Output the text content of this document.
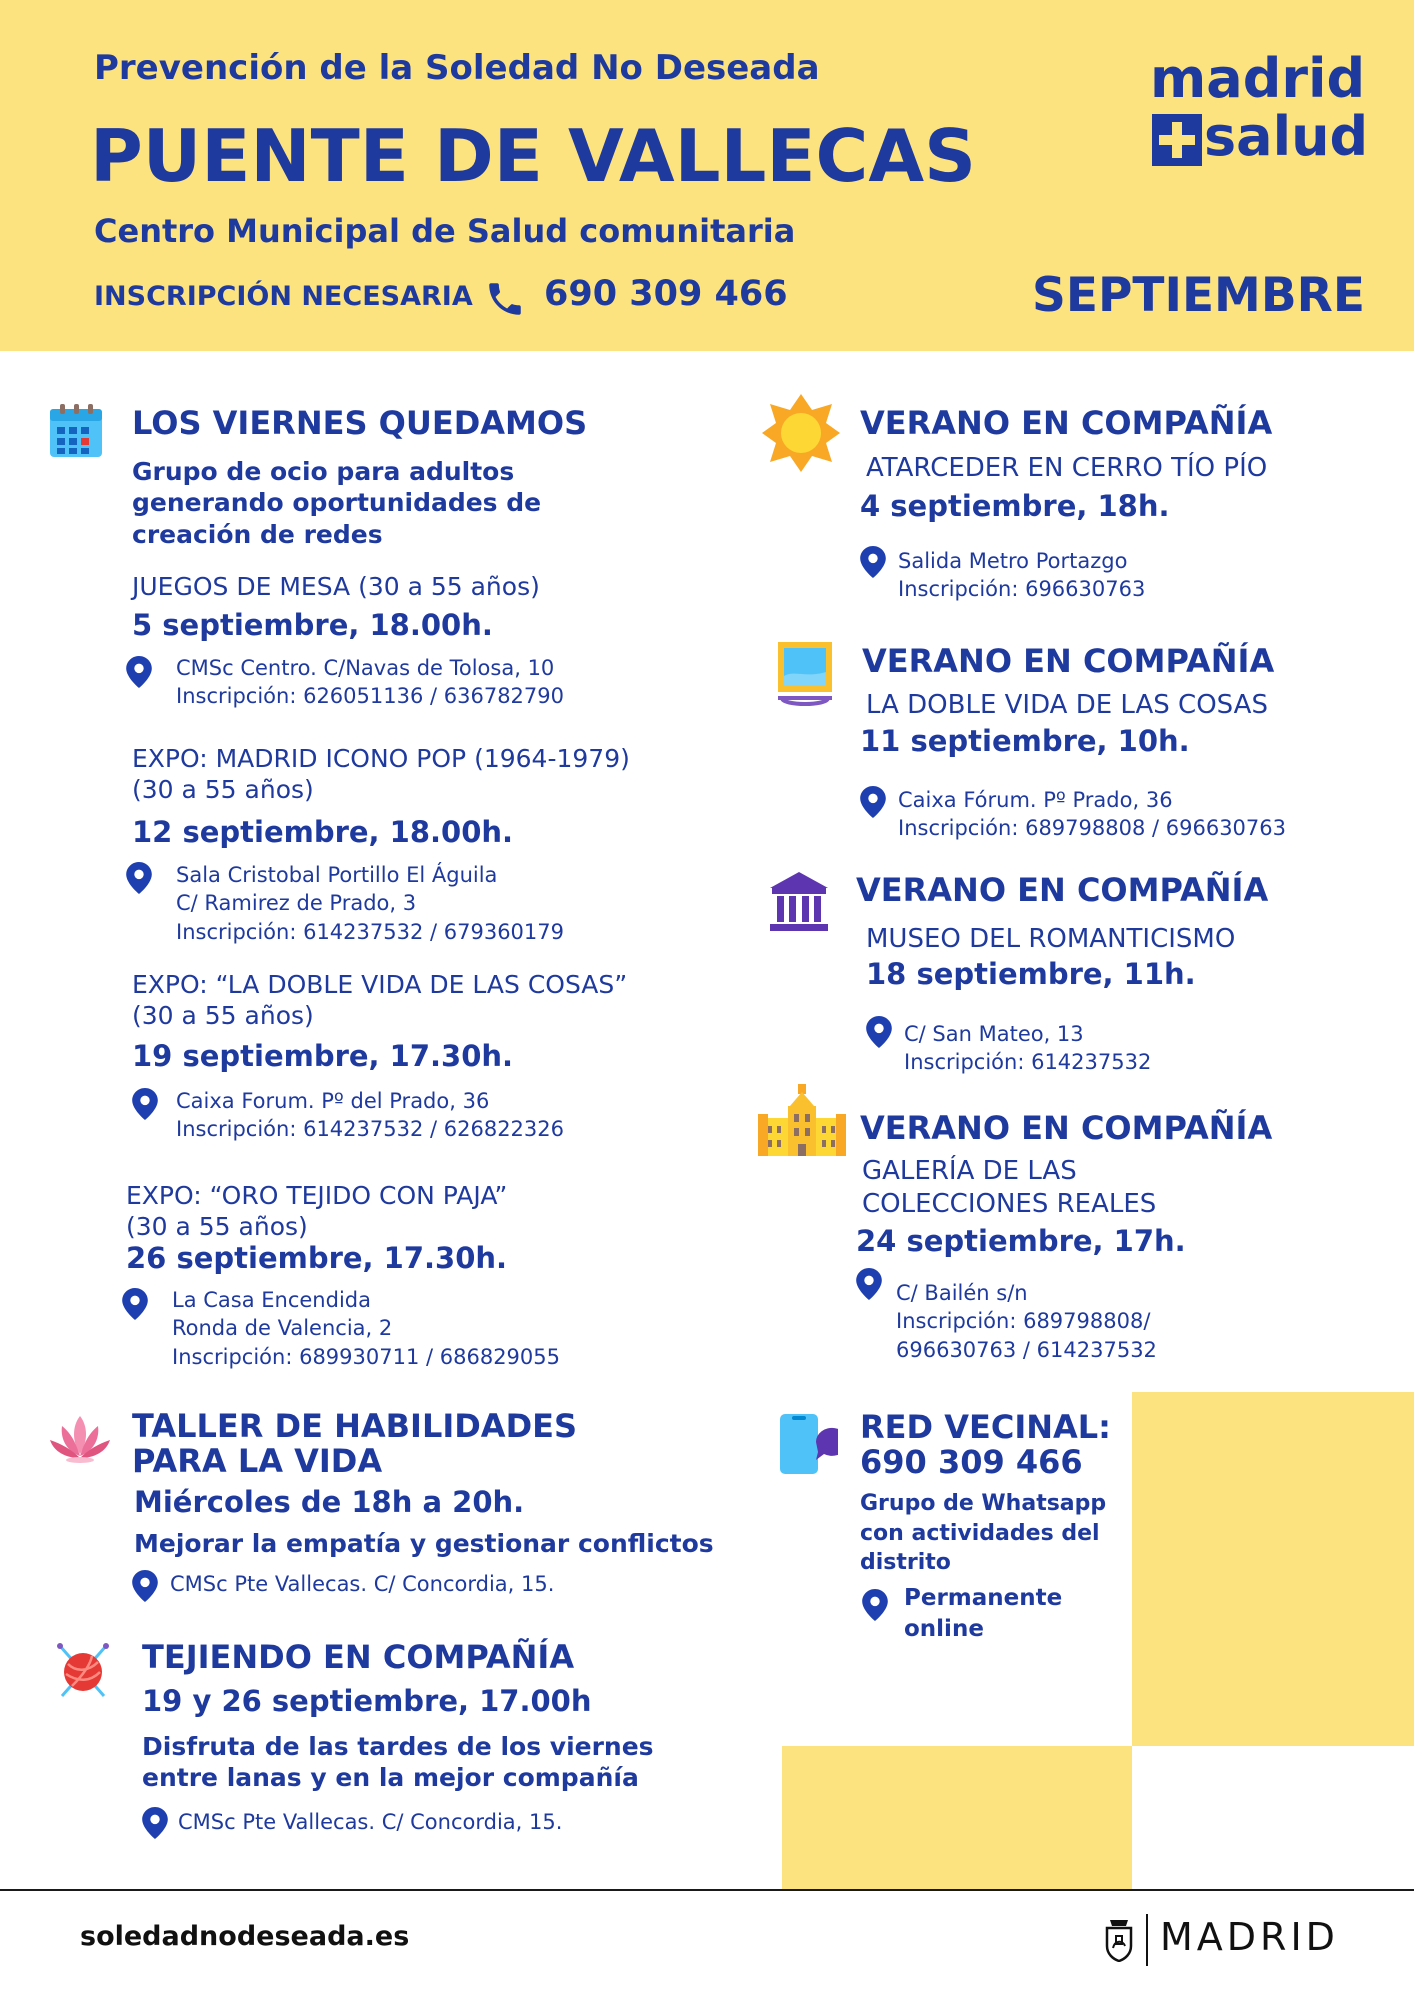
Prevención de la Soledad No Deseada
PUENTE DE VALLECAS
Centro Municipal de Salud comunitaria
INSCRIPCIÓN NECESARIA 690 309 466	SEPTIEMBRE
madrid
salud
LOS VIERNES QUEDAMOS
Grupo de ocio para adultos
generando oportunidades de
creación de redes
JUEGOS DE MESA (30 a 55 años)
5 septiembre, 18.00h.
CMSc Centro. C/Navas de Tolosa, 10
Inscripción: 626051136 / 636782790
EXPO: MADRID ICONO POP (1964-1979)
(30 a 55 años)
12 septiembre, 18.00h.
Sala Cristobal Portillo El Águila
C/ Ramirez de Prado, 3
Inscripción: 614237532 / 679360179
EXPO: “LA DOBLE VIDA DE LAS COSAS”
(30 a 55 años)
19 septiembre, 17.30h.
Caixa Forum. Pº del Prado, 36
Inscripción: 614237532 / 626822326
EXPO: “ORO TEJIDO CON PAJA”
(30 a 55 años)
26 septiembre, 17.30h.
La Casa Encendida
Ronda de Valencia, 2
Inscripción: 689930711 / 686829055
TALLER DE HABILIDADES
PARA LA VIDA
Miércoles de 18h a 20h.
Mejorar la empatía y gestionar conflictos
CMSc Pte Vallecas. C/ Concordia, 15.
TEJIENDO EN COMPAÑÍA
19 y 26 septiembre, 17.00h
Disfruta de las tardes de los viernes
entre lanas y en la mejor compañía
CMSc Pte Vallecas. C/ Concordia, 15.
VERANO EN COMPAÑÍA
ATARCEDER EN CERRO TÍO PÍO
4 septiembre, 18h.
Salida Metro Portazgo
Inscripción: 696630763
VERANO EN COMPAÑÍA
LA DOBLE VIDA DE LAS COSAS
11 septiembre, 10h.
Caixa Fórum. Pº Prado, 36
Inscripción: 689798808 / 696630763
VERANO EN COMPAÑÍA
MUSEO DEL ROMANTICISMO
18 septiembre, 11h.
C/ San Mateo, 13
Inscripción: 614237532
VERANO EN COMPAÑÍA
GALERÍA DE LAS
COLECCIONES REALES
24 septiembre, 17h.
C/ Bailén s/n
Inscripción: 689798808/
696630763 / 614237532
RED VECINAL:
690 309 466
Grupo de Whatsapp
con actividades del
distrito
Permanente
online
soledadnodeseada.es	MADRID
